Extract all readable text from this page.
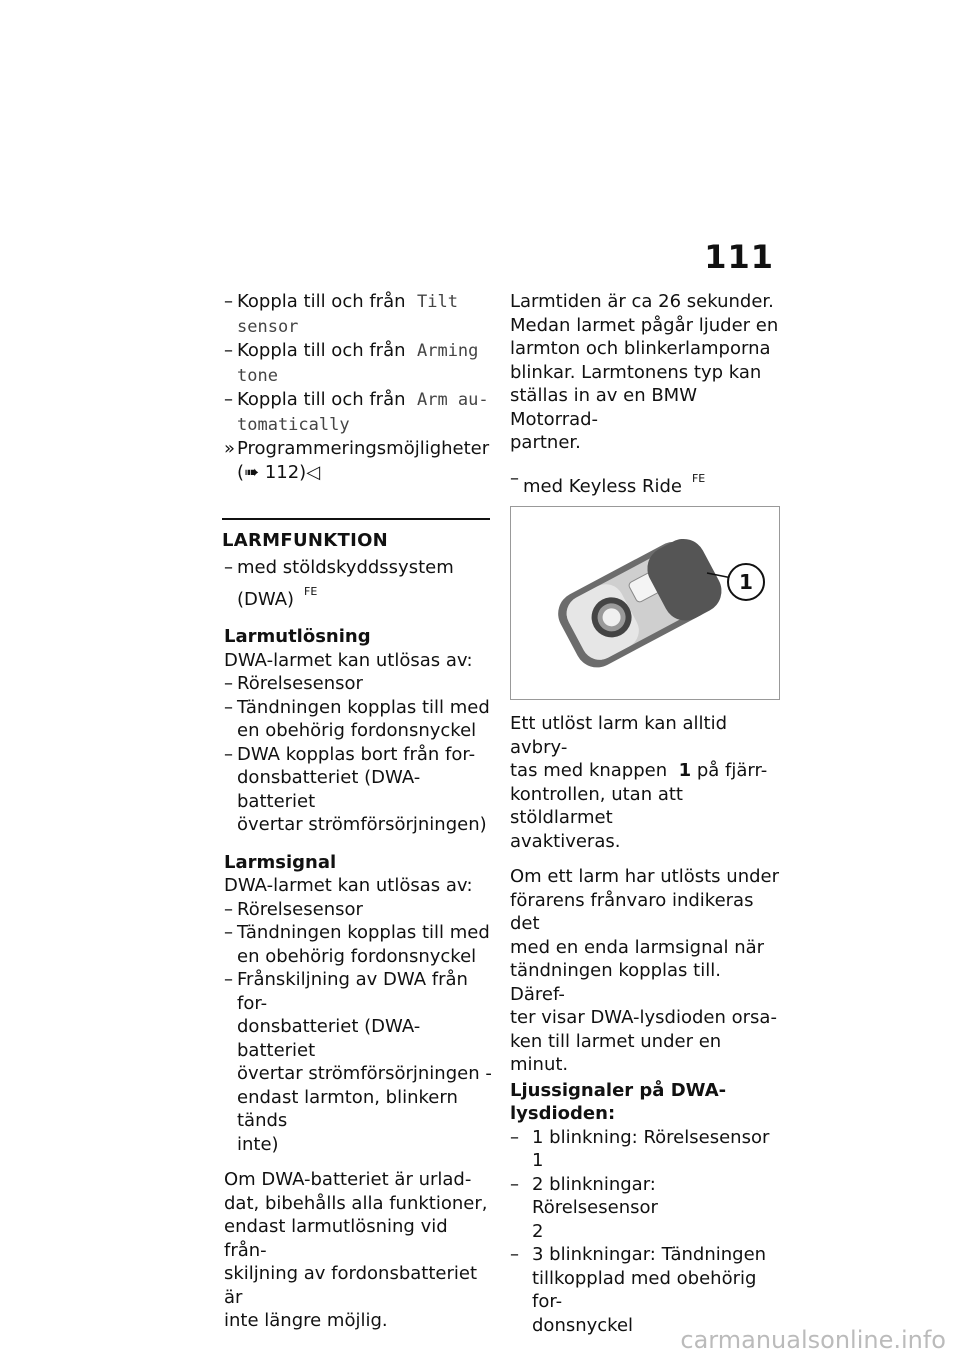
111
– Koppla till och från Tilt
sensor
– Koppla till och från Arming
tone
– Koppla till och från Arm au-
tomatically
» Programmeringsmöjligheter
(➠ 112)◁
LARMFUNKTION
– med stöldskyddssystem
(DWA) $^{FE}$
Larmutlösning
DWA-larmet kan utlösas av:
– Rörelsesensor
– Tändningen kopplas till med
en obehörig fordonsnyckel
– DWA kopplas bort från for-
donsbatteriet (DWA-batteriet
övertar strömförsörjningen)
Larmsignal
DWA-larmet kan utlösas av:
– Rörelsesensor
– Tändningen kopplas till med
en obehörig fordonsnyckel
– Frånskiljning av DWA från for-
donsbatteriet (DWA-batteriet
övertar strömförsörjningen -
endast larmton, blinkern tänds
inte)
Om DWA-batteriet är urlad-
dat, bibehålls alla funktioner,
endast larmutlösning vid från-
skiljning av fordonsbatteriet är
inte längre möjlig.
Larmtiden är ca 26 sekunder.
Medan larmet pågår ljuder en
larmton och blinkerlamporna
blinkar. Larmtonens typ kan
ställas in av en BMW Motorrad-
partner.
– med Keyless Ride $^{FE}$
1
Ett utlöst larm kan alltid avbry-
tas med knappen 1 på fjärr-
kontrollen, utan att stöldlarmet
avaktiveras.
Om ett larm har utlösts under
förarens frånvaro indikeras det
med en enda larmsignal när
tändningen kopplas till. Däref-
ter visar DWA-lysdioden orsa-
ken till larmet under en minut.
Ljussignaler på DWA-
lysdioden:
– 1 blinkning: Rörelsesensor 1
– 2 blinkningar: Rörelsesensor
2
– 3 blinkningar: Tändningen
tillkopplad med obehörig for-
donsnyckel
carmanualsonline.info
